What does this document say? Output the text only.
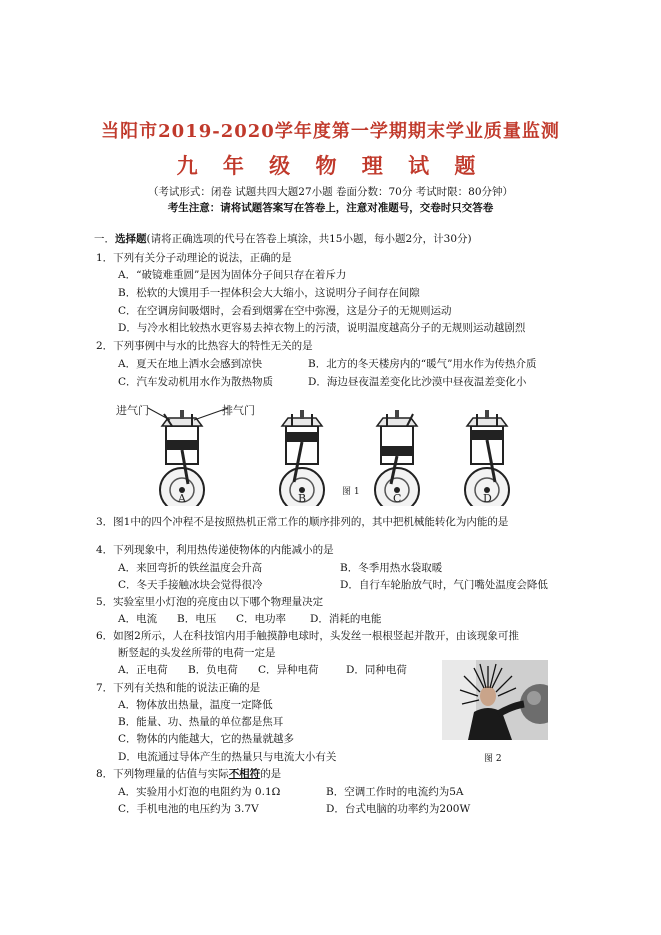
当阳市2019-2020学年度第一学期期末学业质量监测
九 年 级 物 理 试 题
（考试形式：闭卷 试题共四大题27小题 卷面分数：70分 考试时限：80分钟）
考生注意：请将试题答案写在答卷上，注意对准题号，交卷时只交答卷
一．选择题(请将正确选项的代号在答卷上填涂，共15小题，每小题2分，计30分)
1．下列有关分子动理论的说法，正确的是
A．“破镜难重圆”是因为固体分子间只存在着斥力
B．松软的大馍用手一捏体积会大大缩小，这说明分子间存在间隙
C．在空调房间吸烟时，会看到烟雾在空中弥漫，这是分子的无规则运动
D．与冷水相比较热水更容易去掉衣物上的污渍，说明温度越高分子的无规则运动越剧烈
2．下列事例中与水的比热容大的特性无关的是
A．夏天在地上洒水会感到凉快	B．北方的冬天楼房内的“暖气”用水作为传热介质
C．汽车发动机用水作为散热物质	D．海边昼夜温差变化比沙漠中昼夜温差变化小
进气门	排气门
A	B	C	D
图 1
3．图1中的四个冲程不是按照热机正常工作的顺序排列的，其中把机械能转化为内能的是
4．下列现象中，利用热传递使物体的内能减小的是
A．来回弯折的铁丝温度会升高	B．冬季用热水袋取暖
C．冬天手接触冰块会觉得很冷	D．自行车轮胎放气时，气门嘴处温度会降低
5．实验室里小灯泡的亮度由以下哪个物理量决定
A．电流 B．电压 C．电功率 D．消耗的电能
6．如图2所示，人在科技馆内用手触摸静电球时，头发丝一根根竖起并散开，由该现象可推
断竖起的头发丝所带的电荷一定是
A．正电荷 B．负电荷 C．异种电荷	D．同种电荷
7．下列有关热和能的说法正确的是
A．物体放出热量，温度一定降低
B．能量、功、热量的单位都是焦耳
C．物体的内能越大，它的热量就越多
D．电流通过导体产生的热量只与电流大小有关	图 2
8．下列物理量的估值与实际不相符的是
A．实验用小灯泡的电阻约为 0.1Ω	B．空调工作时的电流约为5A
C．手机电池的电压约为 3.7V	D．台式电脑的功率约为200W
